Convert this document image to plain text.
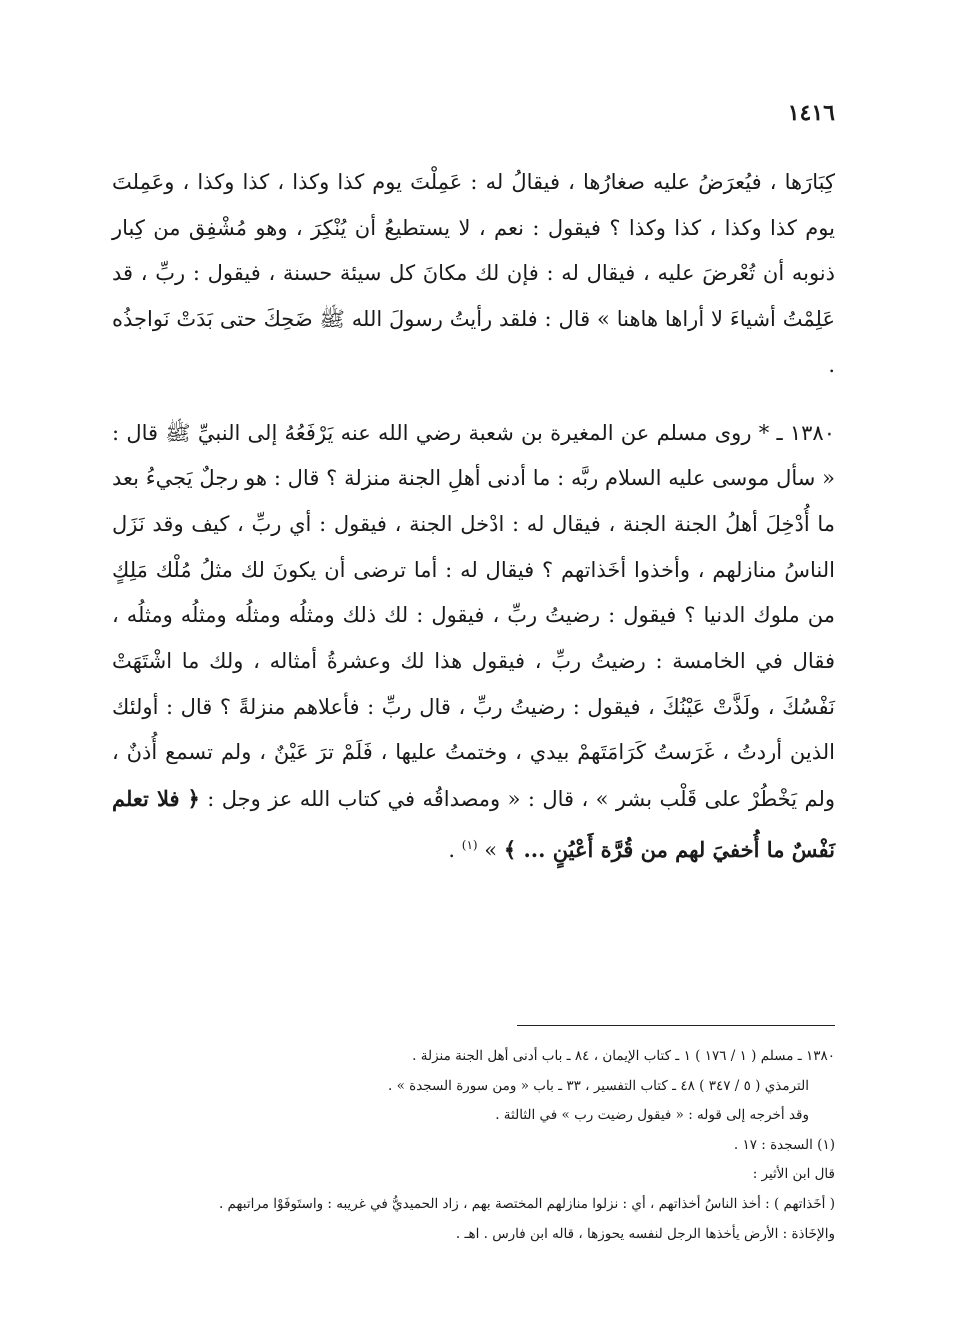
١٤١٦

كِبَارَها ، فيُعرَضُ عليه صغارُها ، فيقالُ له : عَمِلْتَ يوم كذا وكذا ، كذا وكذا ، وعَمِلتَ يوم كذا وكذا ، كذا وكذا ؟ فيقول : نعم ، لا يستطيعُ أن يُنْكِرَ ، وهو مُشْفِق من كِبار ذنوبه أن تُعْرضَ عليه ، فيقال له : فإن لك مكانَ كل سيئة حسنة ، فيقول : ربِّ ، قد عَلِمْتُ أشياءَ لا أراها هاهنا » قال : فلقد رأيتُ رسولَ الله ﷺ ضَحِكَ حتى بَدَتْ نَواجذُه .

١٣٨٠ ـ * روى مسلم عن المغيرة بن شعبة رضي الله عنه يَرْفَعُهُ إلى النبيِّ ﷺ قال : « سأل موسى عليه السلام ربَّه : ما أدنى أهلِ الجنة منزلة ؟ قال : هو رجلٌ يَجيءُ بعد ما أُدْخِلَ أهلُ الجنة الجنة ، فيقال له : ادْخل الجنة ، فيقول : أي ربِّ ، كيف وقد نَزَل الناسُ منازلهم ، وأخذوا أخَذاتهم ؟ فيقال له : أما ترضى أن يكونَ لك مثلُ مُلْك مَلِكٍ من ملوك الدنيا ؟ فيقول : رضيتُ ربِّ ، فيقول : لك ذلك ومثلُه ومثلُه ومثلُه ومثلُه ، فقال في الخامسة : رضيتُ ربِّ ، فيقول هذا لك وعشرةُ أمثاله ، ولك ما اشْتَهَتْ نَفْسُكَ ، ولَذَّتْ عَيْنُكَ ، فيقول : رضيتُ ربِّ ، قال ربِّ : فأعلاهم منزلةً ؟ قال : أولئك الذين أردتُ ، غَرَستُ كَرَامَتَهمْ بيدي ، وختمتُ عليها ، فَلَمْ ترَ عَيْنٌ ، ولم تسمع أُذنٌ ، ولم يَخْطُرْ على قَلْب بشر » ، قال : « ومصداقُه في كتاب الله عز وجل : ﴿ فلا تعلم نَفْسٌ ما أُخفيَ لهم من قُرَّة أَعْيُنٍ ... ﴾ » $^{(١)}$ .

١٣٨٠ ـ مسلم ( ١ / ١٧٦ ) ١ ـ كتاب الإيمان ، ٨٤ ـ باب أدنى أهل الجنة منزلة .
الترمذي ( ٥ / ٣٤٧ ) ٤٨ ـ كتاب التفسير ، ٣٣ ـ باب « ومن سورة السجدة » .
وقد أخرجه إلى قوله : « فيقول رضيت رب » في الثالثة .
(١) السجدة : ١٧ .
قال ابن الأثير :
( أخَذاتهم ) : أخذ الناسُ أخذاتهم ، أي : نزلوا منازلهم المختصة بهم ، زاد الحميديُّ في غريبه : واستَوفَوْا مراتبهم .
والإخَاذة : الأرض يأخذها الرجل لنفسه يحوزها ، قاله ابن فارس . اهـ .
